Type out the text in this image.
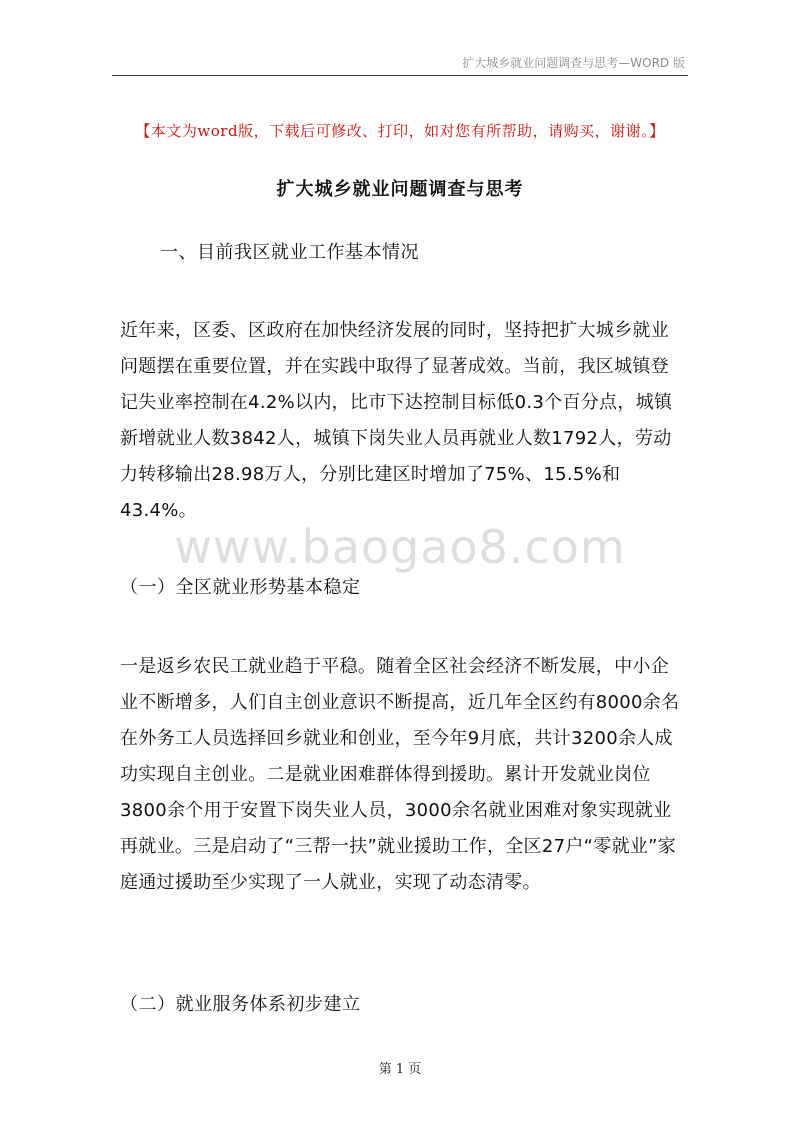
扩大城乡就业问题调查与思考—WORD 版
【本文为word版，下载后可修改、打印，如对您有所帮助，请购买，谢谢。】
扩大城乡就业问题调查与思考
一、目前我区就业工作基本情况
近年来，区委、区政府在加快经济发展的同时，坚持把扩大城乡就业问题摆在重要位置，并在实践中取得了显著成效。当前，我区城镇登记失业率控制在4.2%以内，比市下达控制目标低0.3个百分点，城镇新增就业人数3842人，城镇下岗失业人员再就业人数1792人，劳动力转移输出28.98万人，分别比建区时增加了75%、15.5%和43.4%。
www.baogao8.com
（一）全区就业形势基本稳定
一是返乡农民工就业趋于平稳。随着全区社会经济不断发展，中小企业不断增多，人们自主创业意识不断提高，近几年全区约有8000余名在外务工人员选择回乡就业和创业，至今年9月底，共计3200余人成功实现自主创业。二是就业困难群体得到援助。累计开发就业岗位3800余个用于安置下岗失业人员，3000余名就业困难对象实现就业再就业。三是启动了“三帮一扶”就业援助工作，全区27户“零就业”家庭通过援助至少实现了一人就业，实现了动态清零。
（二）就业服务体系初步建立
第 1 页
